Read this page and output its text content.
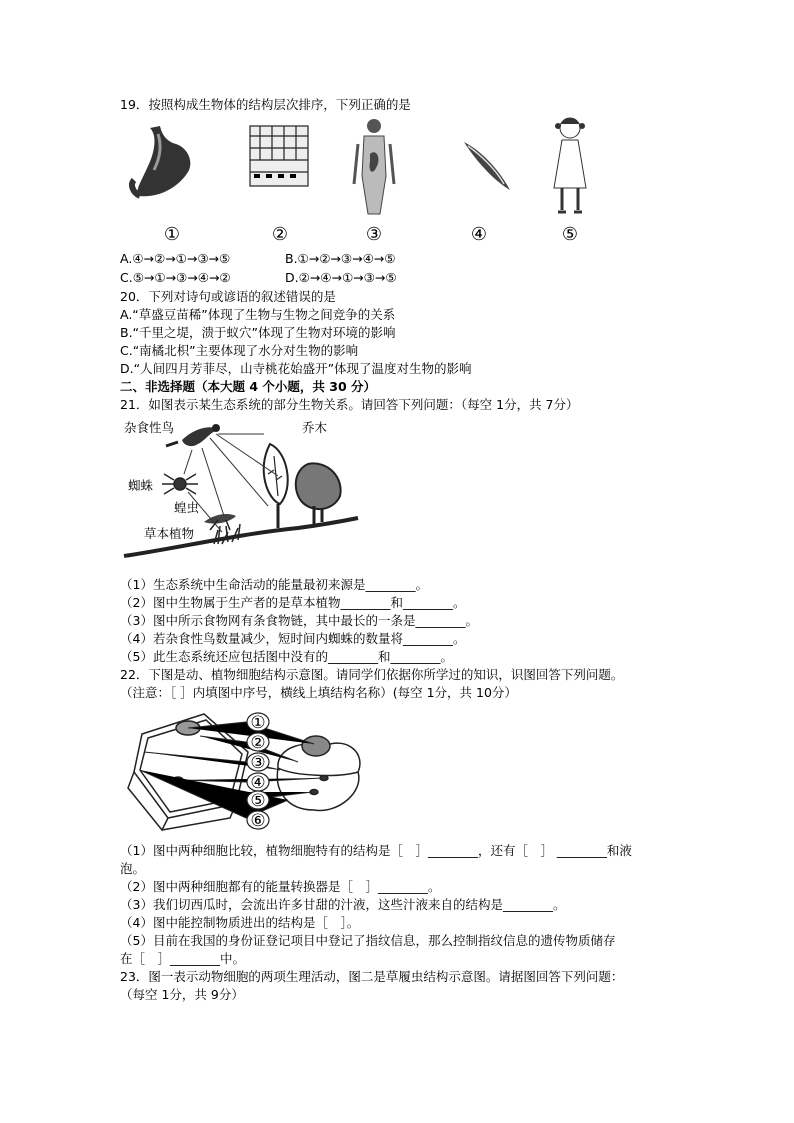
19．按照构成生物体的结构层次排序，下列正确的是
①	②	③	④	⑤
A.④→②→①→③→⑤	B.①→②→③→④→⑤
C.⑤→①→③→④→②	D.②→④→①→③→⑤
20．下列对诗句或谚语的叙述错误的是
A.“草盛豆苗稀”体现了生物与生物之间竞争的关系
B.“千里之堤，溃于蚁穴”体现了生物对环境的影响
C.“南橘北枳”主要体现了水分对生物的影响
D.“人间四月芳菲尽，山寺桃花始盛开”体现了温度对生物的影响
二、非选择题（本大题 4 个小题，共 30 分）
21．如图表示某生态系统的部分生物关系。请回答下列问题：（每空 1分，共 7分）
杂食性鸟	乔木
蜘蛛
蝗虫
草本植物
（1）生态系统中生命活动的能量最初来源是________。
（2）图中生物属于生产者的是草本植物________和________。
（3）图中所示食物网有条食物链，其中最长的一条是________。
（4）若杂食性鸟数量减少，短时间内蜘蛛的数量将________。
（5）此生态系统还应包括图中没有的________和________。
22．下图是动、植物细胞结构示意图。请同学们依据你所学过的知识，识图回答下列问题。
（注意：［ ］内填图中序号，横线上填结构名称）(每空 1分，共 10分）
①
②
③
④
⑤
⑥
（1）图中两种细胞比较，植物细胞特有的结构是［　］________，还有［　］ ________和液
泡。
（2）图中两种细胞都有的能量转换器是［　］________。
（3）我们切西瓜时，会流出许多甘甜的汁液，这些汁液来自的结构是________。
（4）图中能控制物质进出的结构是［　］。
（5）目前在我国的身份证登记项目中登记了指纹信息，那么控制指纹信息的遗传物质储存
在［　］________中。
23．图一表示动物细胞的两项生理活动，图二是草履虫结构示意图。请据图回答下列问题：
（每空 1分，共 9分）
